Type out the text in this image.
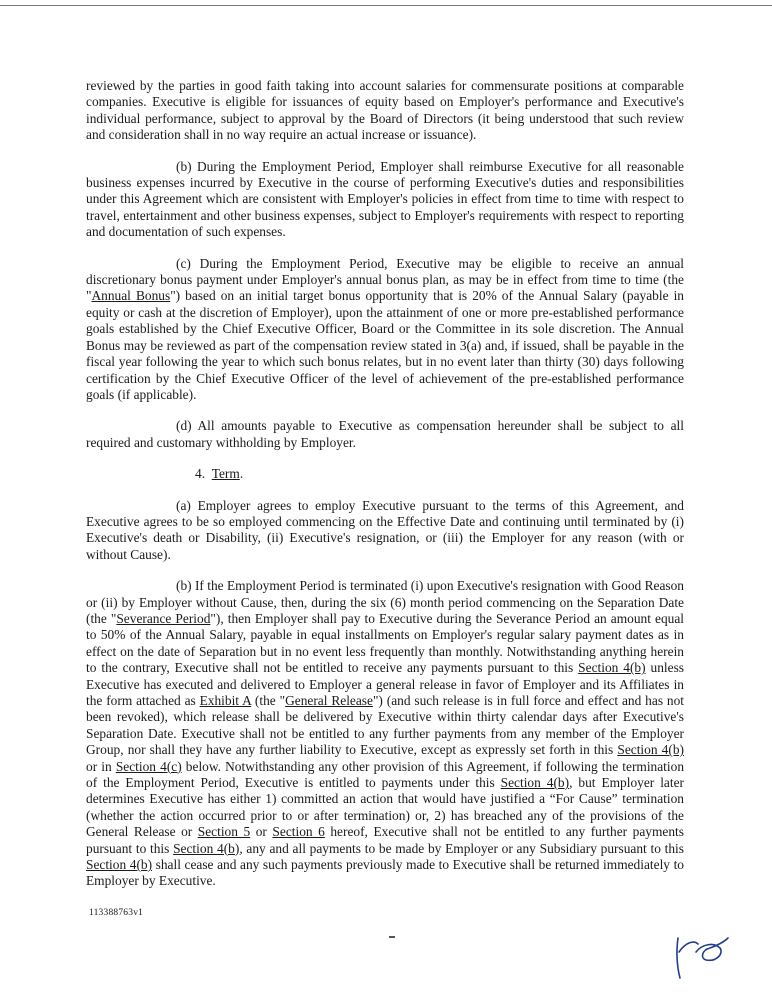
reviewed by the parties in good faith taking into account salaries for commensurate positions at comparable companies. Executive is eligible for issuances of equity based on Employer's performance and Executive's individual performance, subject to approval by the Board of Directors (it being understood that such review and consideration shall in no way require an actual increase or issuance).

(b) During the Employment Period, Employer shall reimburse Executive for all reasonable business expenses incurred by Executive in the course of performing Executive's duties and responsibilities under this Agreement which are consistent with Employer's policies in effect from time to time with respect to travel, entertainment and other business expenses, subject to Employer's requirements with respect to reporting and documentation of such expenses.

(c) During the Employment Period, Executive may be eligible to receive an annual discretionary bonus payment under Employer's annual bonus plan, as may be in effect from time to time (the "Annual Bonus") based on an initial target bonus opportunity that is 20% of the Annual Salary (payable in equity or cash at the discretion of Employer), upon the attainment of one or more pre-established performance goals established by the Chief Executive Officer, Board or the Committee in its sole discretion. The Annual Bonus may be reviewed as part of the compensation review stated in 3(a) and, if issued, shall be payable in the fiscal year following the year to which such bonus relates, but in no event later than thirty (30) days following certification by the Chief Executive Officer of the level of achievement of the pre-established performance goals (if applicable).

(d) All amounts payable to Executive as compensation hereunder shall be subject to all required and customary withholding by Employer.

4. Term.

(a) Employer agrees to employ Executive pursuant to the terms of this Agreement, and Executive agrees to be so employed commencing on the Effective Date and continuing until terminated by (i) Executive's death or Disability, (ii) Executive's resignation, or (iii) the Employer for any reason (with or without Cause).

(b) If the Employment Period is terminated (i) upon Executive's resignation with Good Reason or (ii) by Employer without Cause, then, during the six (6) month period commencing on the Separation Date (the "Severance Period"), then Employer shall pay to Executive during the Severance Period an amount equal to 50% of the Annual Salary, payable in equal installments on Employer's regular salary payment dates as in effect on the date of Separation but in no event less frequently than monthly. Notwithstanding anything herein to the contrary, Executive shall not be entitled to receive any payments pursuant to this Section 4(b) unless Executive has executed and delivered to Employer a general release in favor of Employer and its Affiliates in the form attached as Exhibit A (the "General Release") (and such release is in full force and effect and has not been revoked), which release shall be delivered by Executive within thirty calendar days after Executive's Separation Date. Executive shall not be entitled to any further payments from any member of the Employer Group, nor shall they have any further liability to Executive, except as expressly set forth in this Section 4(b) or in Section 4(c) below. Notwithstanding any other provision of this Agreement, if following the termination of the Employment Period, Executive is entitled to payments under this Section 4(b), but Employer later determines Executive has either 1) committed an action that would have justified a “For Cause” termination (whether the action occurred prior to or after termination) or, 2) has breached any of the provisions of the General Release or Section 5 or Section 6 hereof, Executive shall not be entitled to any further payments pursuant to this Section 4(b), any and all payments to be made by Employer or any Subsidiary pursuant to this Section 4(b) shall cease and any such payments previously made to Executive shall be returned immediately to Employer by Executive.

113388763v1
